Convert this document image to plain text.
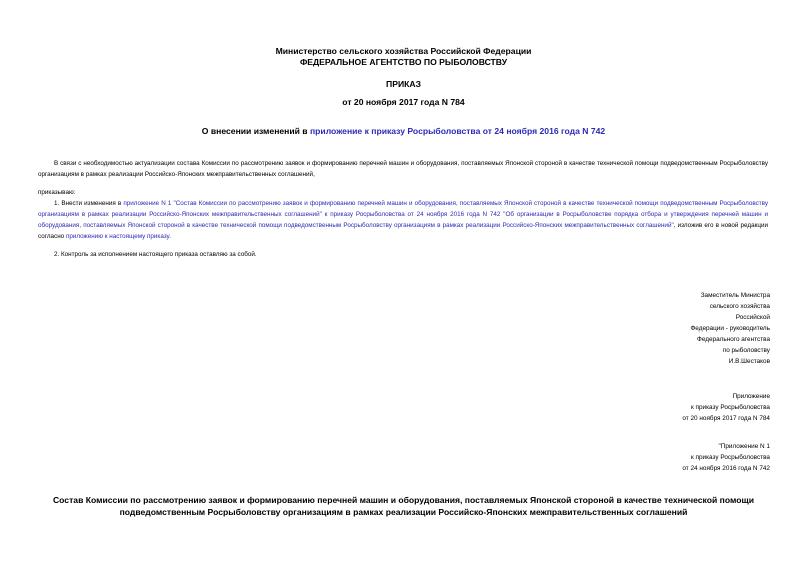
Министерство сельского хозяйства Российской Федерации
ФЕДЕРАЛЬНОЕ АГЕНТСТВО ПО РЫБОЛОВСТВУ
ПРИКАЗ
от 20 ноября 2017 года N 784
О внесении изменений в приложение к приказу Росрыболовства от 24 ноября 2016 года N 742
В связи с необходимостью актуализации состава Комиссии по рассмотрению заявок и формированию перечней машин и оборудования, поставляемых Японской стороной в качестве технической помощи подведомственным Росрыболовству организациям в рамках реализации Российско-Японских межправительственных соглашений,
приказываю:
1. Внести изменения в приложение N 1 "Состав Комиссии по рассмотрению заявок и формированию перечней машин и оборудования, поставляемых Японской стороной в качестве технической помощи подведомственным Росрыболовству организациям в рамках реализации Российско-Японских межправительственных соглашений" к приказу Росрыболовства от 24 ноября 2016 года N 742 "Об организации в Росрыболовстве порядка отбора и утверждения перечней машин и оборудования, поставляемых Японской стороной в качестве технической помощи подведомственным Росрыболовству организациям в рамках реализации Российско-Японских межправительственных соглашений", изложив его в новой редакции согласно приложению к настоящему приказу.
2. Контроль за исполнением настоящего приказа оставляю за собой.
Заместитель Министра
сельского хозяйства
Российской
Федерации - руководитель
Федерального агентства
по рыболовству
И.В.Шестаков
Приложение
к приказу Росрыболовства
от 20 ноября 2017 года N 784
"Приложение N 1
к приказу Росрыболовства
от 24 ноября 2016 года N 742
Состав Комиссии по рассмотрению заявок и формированию перечней машин и оборудования, поставляемых Японской стороной в качестве технической помощи подведомственным Росрыболовству организациям в рамках реализации Российско-Японских межправительственных соглашений
